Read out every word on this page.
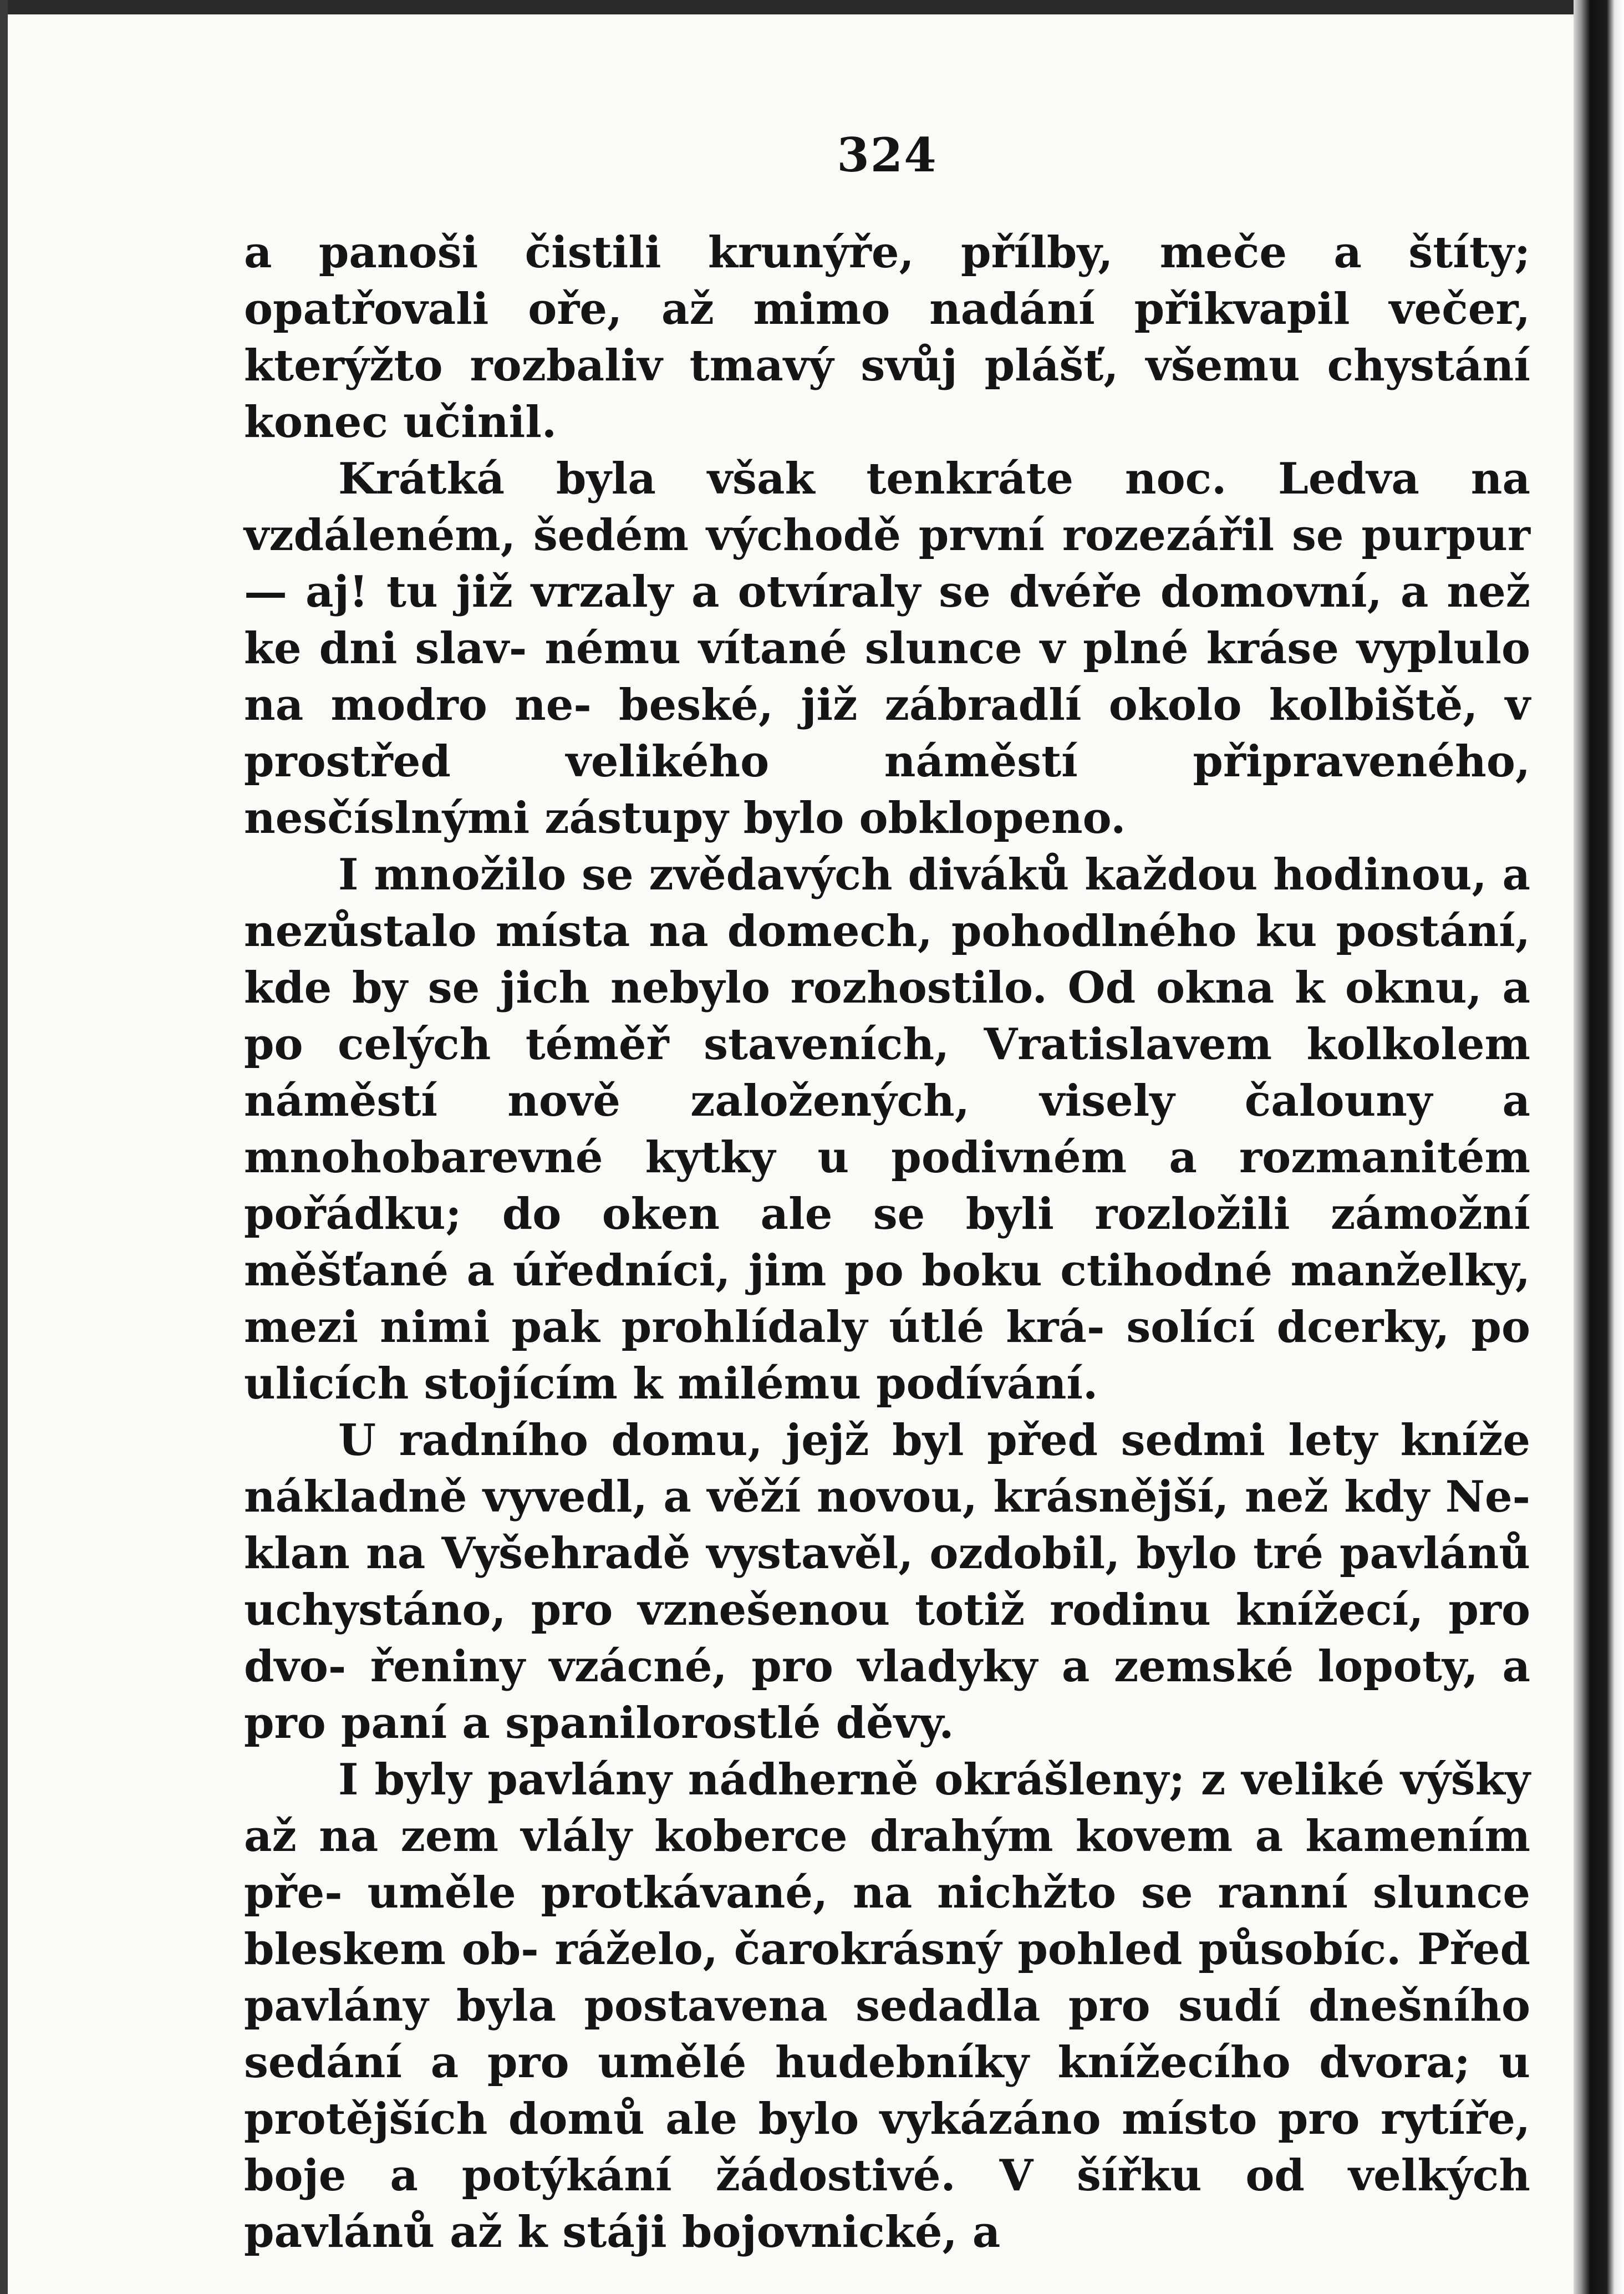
324

a panoši čistili krunýře, přílby, meče a štíty; opatřovali oře, až mimo nadání přikvapil večer, kterýžto rozbaliv tmavý svůj plášť, všemu chystání konec učinil.

Krátká byla však tenkráte noc. Ledva na vzdáleném, šedém východě první rozezářil se purpur — aj! tu již vrzaly a otvíraly se dvéře domovní, a než ke dni slav- nému vítané slunce v plné kráse vyplulo na modro ne- beské, již zábradlí okolo kolbiště, v prostřed velikého	náměstí připraveného, nesčíslnými zástupy bylo obklopeno.

I množilo se zvědavých diváků každou hodinou, a nezůstalo místa na domech, pohodlného ku postání, kde by se jich nebylo rozhostilo. Od okna k oknu, a po celých téměř staveních, Vratislavem kolkolem náměstí nově založených, visely čalouny a mnohobarevné kytky u podivném a rozmanitém pořádku; do oken ale se byli rozložili zámožní měšťané a úředníci, jim po boku ctihodné manželky, mezi nimi pak prohlídaly útlé krá- solící dcerky, po ulicích stojícím k milému podívání.

U radního domu, jejž byl před sedmi lety kníže nákladně vyvedl, a věží novou, krásnější, než kdy Ne- klan na Vyšehradě vystavěl, ozdobil, bylo tré pavlánů uchystáno, pro vznešenou totiž rodinu knížecí, pro dvo- řeniny vzácné, pro vladyky a zemské lopoty, a pro paní a spanilorostlé děvy.

I byly pavlány nádherně okrášleny; z veliké výšky až na zem vlály koberce drahým kovem a kamením pře- uměle protkávané, na nichžto se ranní slunce bleskem ob- ráželo, čarokrásný pohled působíc. Před pavlány byla postavena sedadla pro sudí dnešního sedání a pro umělé hudebníky knížecího dvora; u protějších domů ale bylo vykázáno místo pro rytíře, boje a potýkání žádostivé. V šířku od velkých pavlánů až k stáji bojovnické, a
